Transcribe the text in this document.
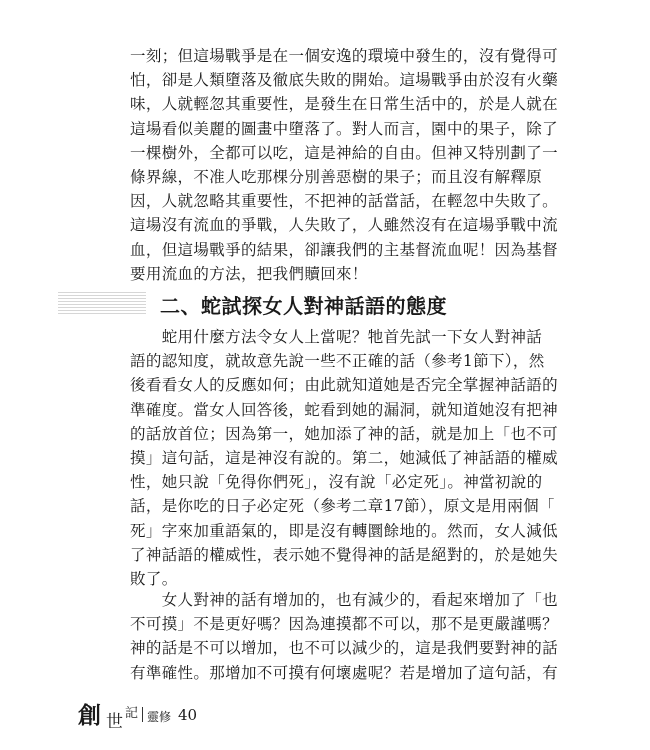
一刻；但這場戰爭是在一個安逸的環境中發生的，沒有覺得可
怕，卻是人類墮落及徹底失敗的開始。這場戰爭由於沒有火藥
味，人就輕忽其重要性，是發生在日常生活中的，於是人就在
這場看似美麗的圖畫中墮落了。對人而言，園中的果子，除了
一棵樹外，全都可以吃，這是神給的自由。但神又特別劃了一
條界線，不准人吃那棵分別善惡樹的果子；而且沒有解釋原
因，人就忽略其重要性，不把神的話當話，在輕忽中失敗了。
這場沒有流血的爭戰，人失敗了，人雖然沒有在這場爭戰中流
血，但這場戰爭的結果，卻讓我們的主基督流血呢！因為基督
要用流血的方法，把我們贖回來！
二、蛇試探女人對神話語的態度
　　蛇用什麼方法令女人上當呢？牠首先試一下女人對神話
語的認知度，就故意先說一些不正確的話（參考1節下），然
後看看女人的反應如何；由此就知道她是否完全掌握神話語的
準確度。當女人回答後，蛇看到她的漏洞，就知道她沒有把神
的話放首位；因為第一，她加添了神的話，就是加上「也不可
摸」這句話，這是神沒有說的。第二，她減低了神話語的權威
性，她只說「免得你們死」，沒有說「必定死」。神當初說的
話，是你吃的日子必定死（參考二章17節），原文是用兩個「
死」字來加重語氣的，即是沒有轉圜餘地的。然而，女人減低
了神話語的權威性，表示她不覺得神的話是絕對的，於是她失
敗了。
　　女人對神的話有增加的，也有減少的，看起來增加了「也
不可摸」不是更好嗎？因為連摸都不可以，那不是更嚴謹嗎？
神的話是不可以增加，也不可以減少的，這是我們要對神的話
有準確性。那增加不可摸有何壞處呢？若是增加了這句話，有
創 世 記 靈修 40
